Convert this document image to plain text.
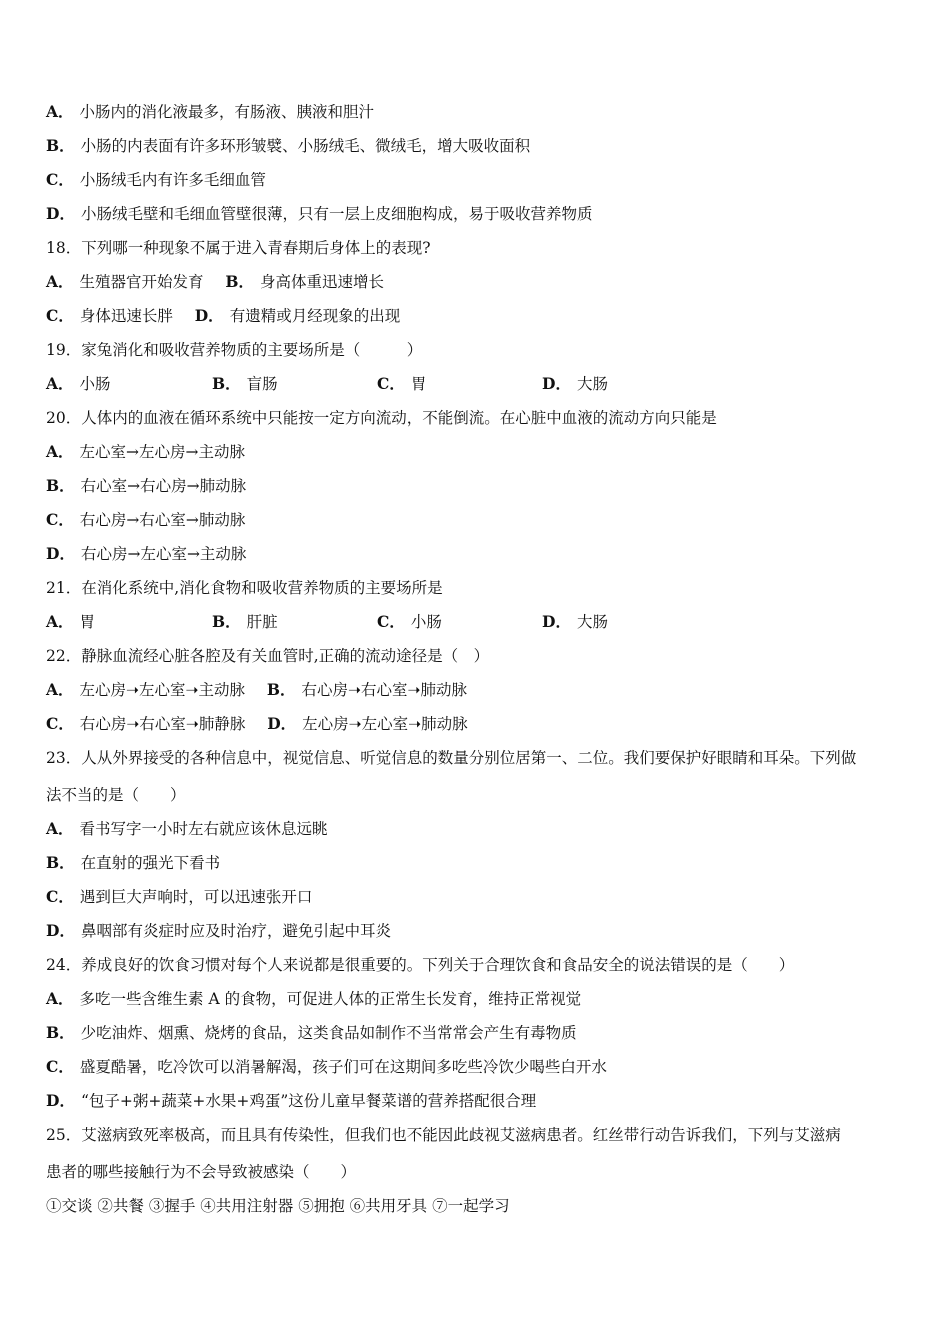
A． 小肠内的消化液最多，有肠液、胰液和胆汁
B． 小肠的内表面有许多环形皱襞、小肠绒毛、微绒毛，增大吸收面积
C． 小肠绒毛内有许多毛细血管
D． 小肠绒毛壁和毛细血管壁很薄，只有一层上皮细胞构成，易于吸收营养物质
18．下列哪一种现象不属于进入青春期后身体上的表现?
A． 生殖器官开始发育 B． 身高体重迅速增长
C． 身体迅速长胖 D． 有遗精或月经现象的出现
19．家兔消化和吸收营养物质的主要场所是（　　　）
A． 小肠	B． 盲肠	C． 胃	D． 大肠
20．人体内的血液在循环系统中只能按一定方向流动，不能倒流。在心脏中血液的流动方向只能是
A． 左心室→左心房→主动脉
B． 右心室→右心房→肺动脉
C． 右心房→右心室→肺动脉
D． 右心房→左心室→主动脉
21．在消化系统中,消化食物和吸收营养物质的主要场所是
A． 胃	B． 肝脏	C． 小肠	D． 大肠
22．静脉血流经心脏各腔及有关血管时,正确的流动途径是（　）
A． 左心房➝左心室➝主动脉 B． 右心房➝右心室➝肺动脉
C． 右心房➝右心室➝肺静脉 D． 左心房➝左心室➝肺动脉
23．人从外界接受的各种信息中，视觉信息、听觉信息的数量分别位居第一、二位。我们要保护好眼睛和耳朵。下列做
法不当的是（　　）
A． 看书写字一小时左右就应该休息远眺
B． 在直射的强光下看书
C． 遇到巨大声响时，可以迅速张开口
D． 鼻咽部有炎症时应及时治疗，避免引起中耳炎
24．养成良好的饮食习惯对每个人来说都是很重要的。下列关于合理饮食和食品安全的说法错误的是（　　）
A． 多吃一些含维生素 A 的食物，可促进人体的正常生长发育，维持正常视觉
B． 少吃油炸、烟熏、烧烤的食品，这类食品如制作不当常常会产生有毒物质
C． 盛夏酷暑，吃冷饮可以消暑解渴，孩子们可在这期间多吃些冷饮少喝些白开水
D． “包子+粥+蔬菜+水果+鸡蛋”这份儿童早餐菜谱的营养搭配很合理
25．艾滋病致死率极高，而且具有传染性，但我们也不能因此歧视艾滋病患者。红丝带行动告诉我们，下列与艾滋病
患者的哪些接触行为不会导致被感染（　　）
①交谈 ②共餐 ③握手 ④共用注射器 ⑤拥抱 ⑥共用牙具 ⑦一起学习
